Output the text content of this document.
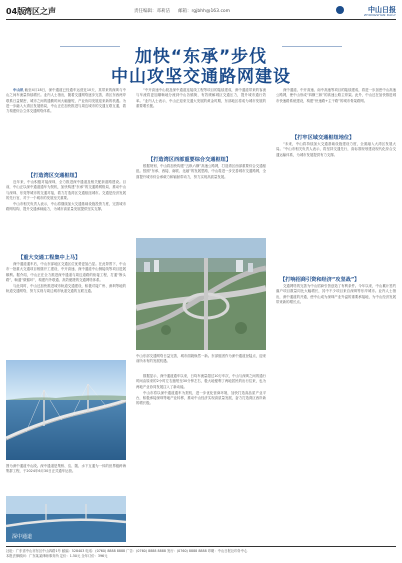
04版
湾区之声	责任编辑：邓莉洁 邮箱：rgjbhh@163.com	中山日报
ZHONGSHAN DAILY
加快“东承”步伐
中山攻坚交通路网建设

中山讯 截至4月18日，深中通道已经通车运营近10天，其带来的深圳与中山之间车流量持续增长。业内人士指出，随着交通网络逐步完善，湾区东西两岸联系日益紧密，城市之间的通勤时间大幅缩短，产业协同发展迎来新的机遇。为进一步融入大湾区发展格局，中山正在加快推进与周边城市的交通互联互通，着力构建综合立体交通网络体系。

【打造湾区交通枢纽】

近年来，中山积极对接深圳，全力推进深中通道及相关配套道路建设。目前，中山正以深中通道通车为契机，加快构建“东承”的交通路网格局，推动中山与深圳、东莞等城市的交通对接，着力打造湾区交通枢纽城市。交通是经济发展的先行官，对于一个城市的发展至关重要。

中山市相关负责人表示，中山将继续加大交通基础设施投资力度，完善城市路网结构，提升交通承载能力，为城市高质量发展提供坚实支撑。

【重大交通工程集中上马】

深中通道通车后，中山东部地区交通区位优势更加凸显。在此背景下，中山市一批重大交通项目相继开工建设，中开高速、深中通道中山侧接线等项目进展顺利。据介绍，中山正在全力推进深中通道与周边道路的衔接工程，打通“断头路”，畅通“微循环”，构建内外联通、高效便捷的交通网络体系。

与此同时，中山还加快推进城市轨道交通建设，积极对接广州、深圳等地的轨道交通网络，努力实现与周边城市轨道交通的互联互通。

图为深中通道中山段。深中通道是集桥、岛、隧、水下互通为一体的世界级跨海集群工程，于2024年6月30日正式通车运营。

“中开高速中山段及深中通道连接线工程等项目的陆续建成，深中通道带来的客流与车流将更加顺畅地分流到中山各镇街，有效缓解城区交通压力，提升城市通行效率。”业内人士表示，中山正迎来交通大发展的黄金时期，东部地区将成为城市发展的重要增长极。

【打造湾区西部重要综合交通枢纽】

根据规划，中山将加快构建“五纵六横”高速公路网，打造湾区西部重要综合交通枢纽。按照“东承、西接、南联、北融”的发展思路，中山将进一步完善城市交通路网，全面提升城市综合承载力和辐射带动力，努力实现高质量发展。

中山东部交通网络日益完善，城市面貌焕然一新。东部组团作为深中通道登陆点，迎来前所未有的发展机遇。

数据显示，深中通道通车以来，日均车流量超过10万车次，中山与深圳之间的通行时间由原来的2小时左右缩短至30分钟左右，极大地便利了两地居民的出行往来，也为两地产业协同发展注入了新动能。

中山市将以深中通道通车为契机，进一步优化营商环境，加快打造高品质产业平台，积极承接深圳等地产业转移，推动中山经济实现高质量发展，奋力打造湾区西岸新的增长极。

深中通道、中开高速、南中高速等项目的陆续建成，将进一步加密中山高速公路网，使中山形成“四横三纵”的高速公路主骨架。此外，中山还在加快推进城市快速路系统建设，构建“快速路+主干路”的城市骨架路网。

【打牢区域交通枢纽地位】

“未来，中山将持续加大交通基础设施建设力度，全面融入大湾区发展大局。”中山市相关负责人表示，将坚持交通先行，高标准规划建设现代化综合交通运输体系，为城市发展提供有力支撑。

【打响招商引资和经济“攻坚战”】

交通网络的完善为中山招商引资创造了有利条件。今年以来，中山累计签约落户项目数量同比大幅增长，其中不少项目来自深圳等东岸城市。业内人士指出，深中通道的开通，使中山成为深圳产业外溢的重要承接地，为中山经济发展带来新的增长点。

深中通道
社址：广东省中山市东区中山四路1号 邮编：528403 电话：(0760) 8888 8888 广告：(0760) 8888 8888 发行：(0760) 8888 8888 印刷：中山日报社印务中心
本报法律顾问：广东某某律师事务所 定价：1.50元 全年订价：396元
